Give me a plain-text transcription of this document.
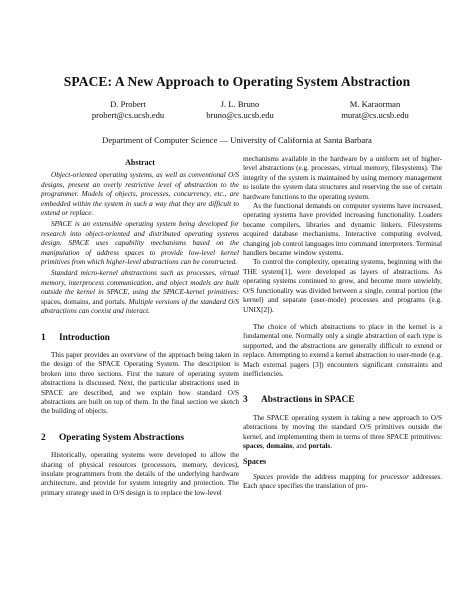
SPACE: A New Approach to Operating System Abstraction
D. Probert
probert@cs.ucsb.edu
J. L. Bruno
bruno@cs.ucsb.edu
M. Karaorman
murat@cs.ucsb.edu
Department of Computer Science — University of California at Santa Barbara
Abstract

Object-oriented operating systems, as well as conventional O/S designs, present an overly restrictive level of abstraction to the programmer. Models of objects, processes, concurrency, etc., are embedded within the system in such a way that they are difficult to extend or replace.

SPACE is an extensible operating system being developed for research into object-oriented and distributed operating systems design. SPACE uses capability mechanisms based on the manipulation of address spaces to provide low-level kernel primitives from which higher-level abstractions can be constructed.

Standard micro-kernel abstractions such as processes, virtual memory, interprocess communication, and object models are built outside the kernel in SPACE, using the SPACE-kernel primitives: spaces, domains, and portals. Multiple versions of the standard O/S abstractions can coexist and interact.

1 Introduction

This paper provides an overview of the approach being taken in the design of the SPACE Operating System. The description is broken into three sections. First the nature of operating system abstractions is discussed. Next, the particular abstractions used in SPACE are described, and we explain how standard O/S abstractions are built on top of them. In the final section we sketch the building of objects.

2 Operating System Abstractions

Historically, operating systems were developed to allow the sharing of physical resources (processors, memory, devices), insulate programmers from the details of the underlying hardware architecture, and provide for system integrity and protection. The primary strategy used in O/S design is to replace the low-level

mechanisms available in the hardware by a uniform set of higher-level abstractions (e.g. processes, virtual memory, filesystems). The integrity of the system is maintained by using memory management to isolate the system data structures and reserving the use of certain hardware functions to the operating system.

As the functional demands on computer systems have increased, operating systems have provided increasing functionality. Loaders became compilers, libraries and dynamic linkers. Filesystems acquired database mechanisms. Interactive computing evolved, changing job control languages into command interpreters. Terminal handlers became window systems.

To control the complexity, operating systems, beginning with the THE system[1], were developed as layers of abstractions. As operating systems continued to grow, and become more unwieldy, O/S functionality was divided between a single, central portion (the kernel) and separate (user-mode) processes and programs (e.g. UNIX[2]).

The choice of which abstractions to place in the kernel is a fundamental one. Normally only a single abstraction of each type is supported, and the abstractions are generally difficult to extend or replace. Attempting to extend a kernel abstraction to user-mode (e.g. Mach external pagers [3]) encounters significant constraints and inefficiencies.

3 Abstractions in SPACE

The SPACE operating system is taking a new approach to O/S abstractions by moving the standard O/S primitives outside the kernel, and implementing them in terms of three SPACE primitives: spaces, domains, and portals.

Spaces

Spaces provide the address mapping for processor addresses. Each space specifies the translation of pro-
